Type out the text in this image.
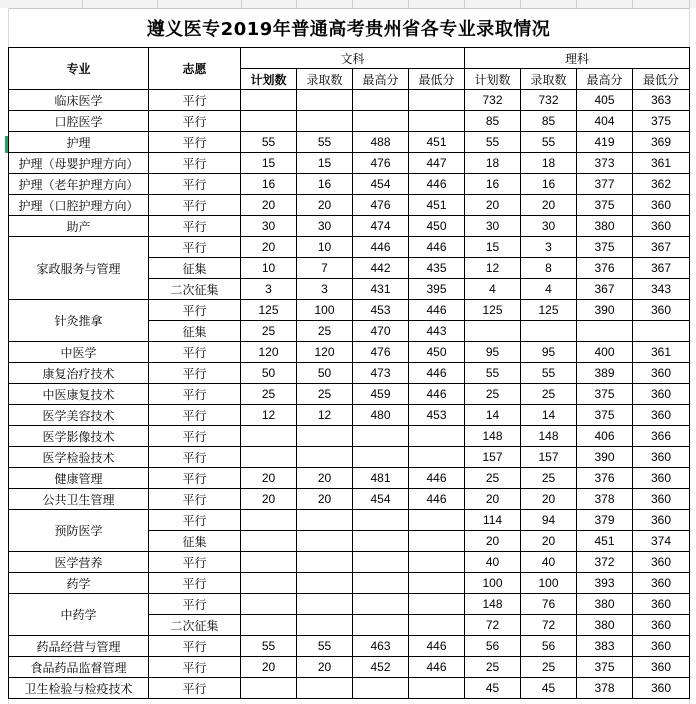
遵义医专2019年普通高考贵州省各专业录取情况
专业	志愿	文科				理科			
		计划数	录取数	最高分	最低分	计划数	录取数	最高分	最低分
临床医学	平行					732	732	405	363
口腔医学	平行					85	85	404	375
护理	平行	55	55	488	451	55	55	419	369
护理（母婴护理方向）	平行	15	15	476	447	18	18	373	361
护理（老年护理方向）	平行	16	16	454	446	16	16	377	362
护理（口腔护理方向）	平行	20	20	476	451	20	20	375	360
助产	平行	30	30	474	450	30	30	380	360
家政服务与管理	平行	20	10	446	446	15	3	375	367
	征集	10	7	442	435	12	8	376	367
	二次征集	3	3	431	395	4	4	367	343
针灸推拿	平行	125	100	453	446	125	125	390	360
	征集	25	25	470	443				
中医学	平行	120	120	476	450	95	95	400	361
康复治疗技术	平行	50	50	473	446	55	55	389	360
中医康复技术	平行	25	25	459	446	25	25	375	360
医学美容技术	平行	12	12	480	453	14	14	375	360
医学影像技术	平行					148	148	406	366
医学检验技术	平行					157	157	390	360
健康管理	平行	20	20	481	446	25	25	376	360
公共卫生管理	平行	20	20	454	446	20	20	378	360
预防医学	平行					114	94	379	360
	征集					20	20	451	374
医学营养	平行					40	40	372	360
药学	平行					100	100	393	360
中药学	平行					148	76	380	360
	二次征集					72	72	380	360
药品经营与管理	平行	55	55	463	446	56	56	383	360
食品药品监督管理	平行	20	20	452	446	25	25	375	360
卫生检验与检疫技术	平行					45	45	378	360
